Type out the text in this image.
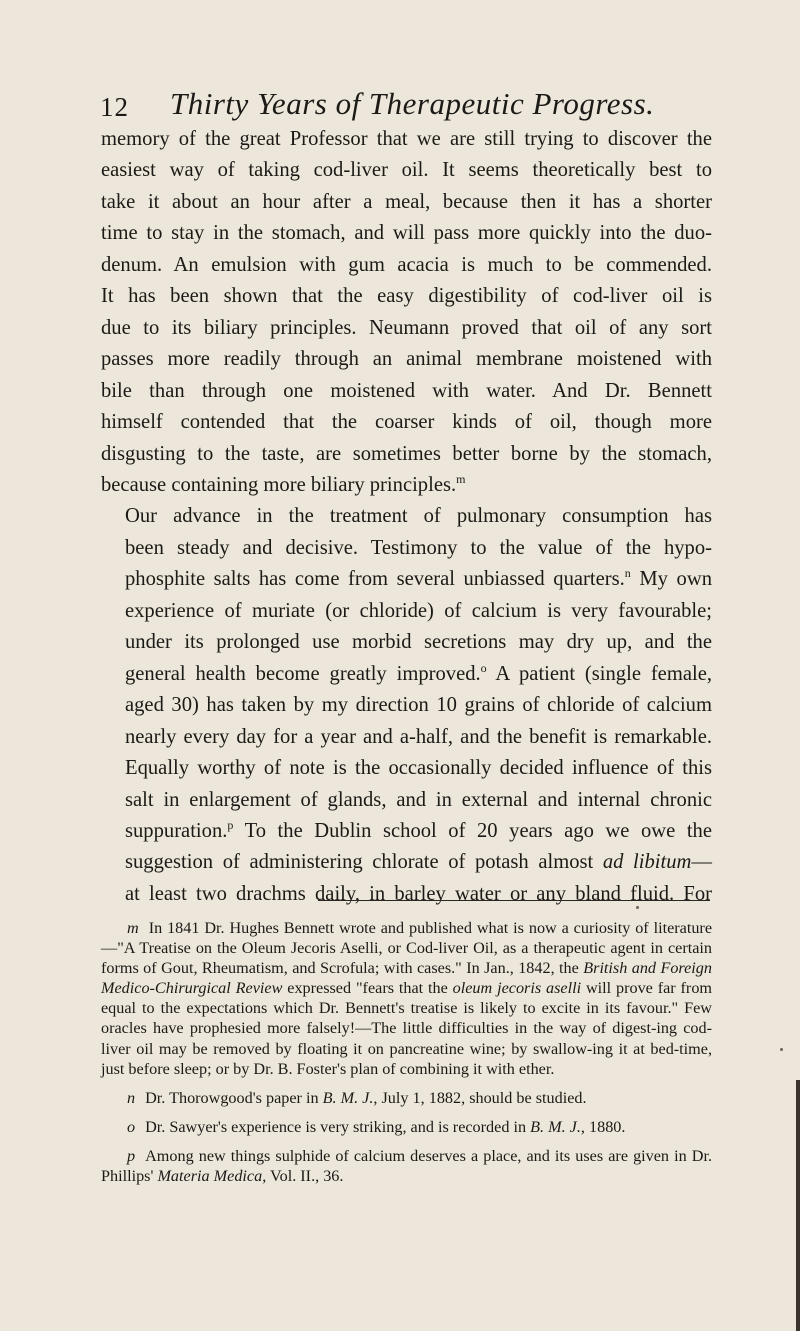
12 Thirty Years of Therapeutic Progress.

memory of the great Professor that we are still trying to discover the
easiest way of taking cod-liver oil. It seems theoretically best to
take it about an hour after a meal, because then it has a shorter
time to stay in the stomach, and will pass more quickly into the duo-
denum. An emulsion with gum acacia is much to be commended.
It has been shown that the easy digestibility of cod-liver oil is
due to its biliary principles. Neumann proved that oil of any sort
passes more readily through an animal membrane moistened with
bile than through one moistened with water. And Dr. Bennett
himself contended that the coarser kinds of oil, though more
disgusting to the taste, are sometimes better borne by the stomach,
because containing more biliary principles.$^m$

Our advance in the treatment of pulmonary consumption has
been steady and decisive. Testimony to the value of the hypo-
phosphite salts has come from several unbiassed quarters.$^n$ My own
experience of muriate (or chloride) of calcium is very favourable;
under its prolonged use morbid secretions may dry up, and the
general health become greatly improved.$^o$ A patient (single female,
aged 30) has taken by my direction 10 grains of chloride of calcium
nearly every day for a year and a-half, and the benefit is remarkable.
Equally worthy of note is the occasionally decided influence of this
salt in enlargement of glands, and in external and internal chronic
suppuration.$^p$ To the Dublin school of 20 years ago we owe the
suggestion of administering chlorate of potash almost ad libitum—
at least two drachms daily, in barley water or any bland fluid. For

m In 1841 Dr. Hughes Bennett wrote and published what is now a curiosity of literature—"A Treatise on the Oleum Jecoris Aselli, or Cod-liver Oil, as a therapeutic agent in certain forms of Gout, Rheumatism, and Scrofula; with cases." In Jan., 1842, the British and Foreign Medico-Chirurgical Review expressed "fears that the oleum jecoris aselli will prove far from equal to the expectations which Dr. Bennett's treatise is likely to excite in its favour." Few oracles have prophesied more falsely!—The little difficulties in the way of digest-ing cod-liver oil may be removed by floating it on pancreatine wine; by swallow-ing it at bed-time, just before sleep; or by Dr. B. Foster's plan of combining it with ether.

n Dr. Thorowgood's paper in B. M. J., July 1, 1882, should be studied.

o Dr. Sawyer's experience is very striking, and is recorded in B. M. J., 1880.

p Among new things sulphide of calcium deserves a place, and its uses are given in Dr. Phillips' Materia Medica, Vol. II., 36.
